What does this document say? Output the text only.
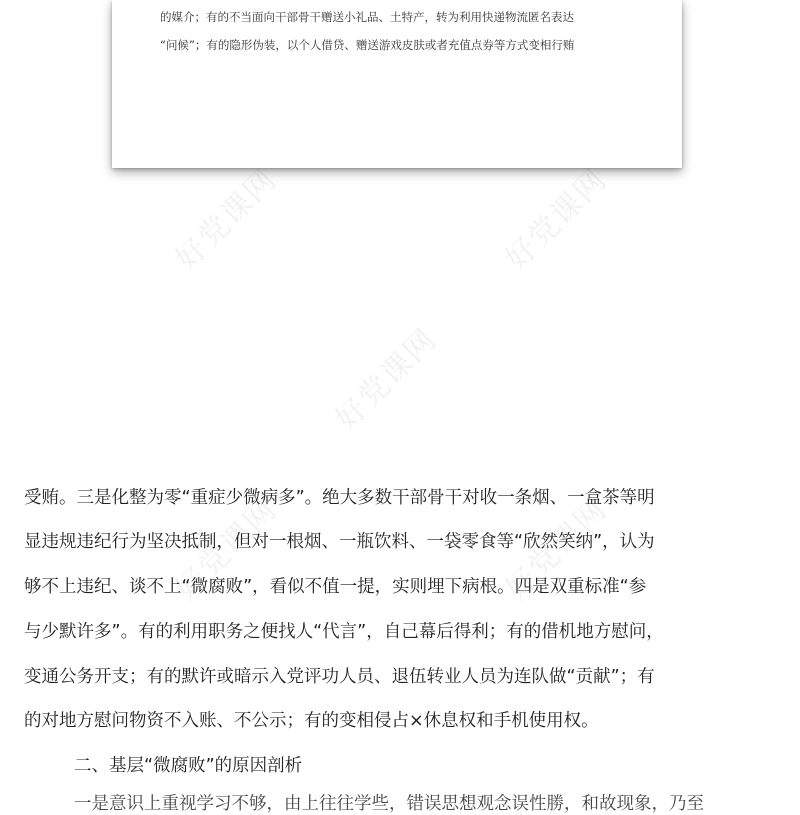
的媒介；有的不当面向干部骨干赠送小礼品、土特产，转为利用快递物流匿名表达
“问候”；有的隐形伪装，以个人借贷、赠送游戏皮肤或者充值点券等方式变相行贿
好党课网	好党课网
好党课网
好党课网	好党课网
受贿。三是化整为零“重症少微病多”。绝大多数干部骨干对收一条烟、一盒茶等明
显违规违纪行为坚决抵制，但对一根烟、一瓶饮料、一袋零食等“欣然笑纳”，认为
够不上违纪、谈不上“微腐败”，看似不值一提，实则埋下病根。四是双重标准“参
与少默许多”。有的利用职务之便找人“代言”，自己幕后得利；有的借机地方慰问，
变通公务开支；有的默许或暗示入党评功人员、退伍转业人员为连队做“贡献”；有
的对地方慰问物资不入账、不公示；有的变相侵占×休息权和手机使用权。
二、基层“微腐败”的原因剖析
一是意识上重视学习不够，由上往往学些，错误思想观念误性勝，和故现象，乃至
